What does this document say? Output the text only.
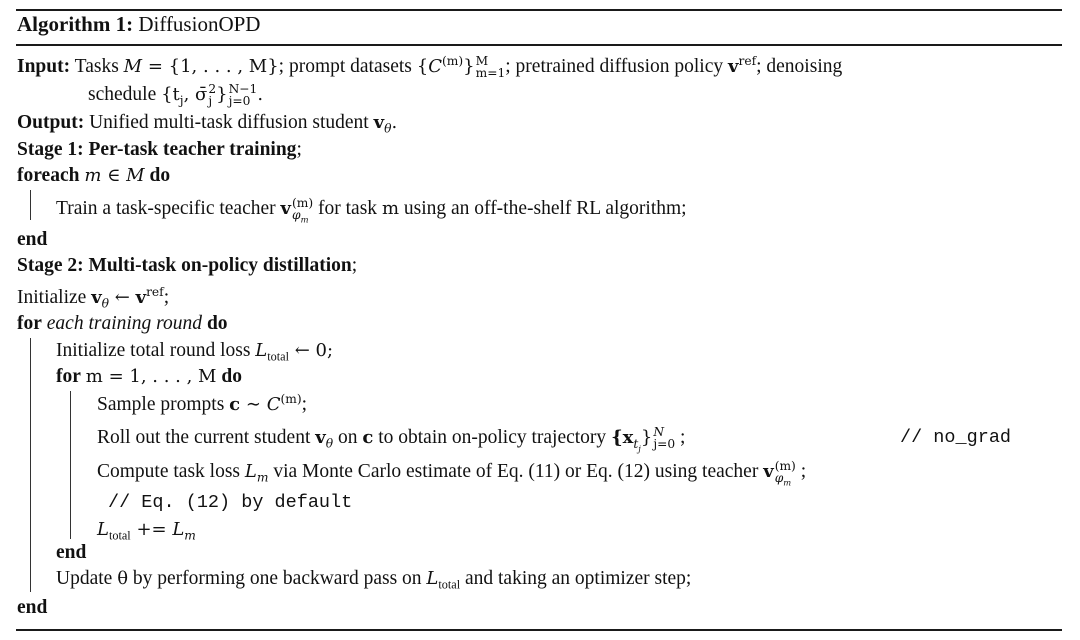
Algorithm 1: DiffusionOPD
Input: Tasks M = {1, . . . , M}; prompt datasets $\{C^{(m)}\}$ M
m=1 ; pretrained diffusion policy $v^{ref}$; denoising
schedule {$t_j$, σ̄ 2
j } N−1
j=0 .
Output: Unified multi-task diffusion student $v_\theta$.
Stage 1: Per-task teacher training;
foreach m ∈ M do
Train a task-specific teacher v (m)
$\varphi_m$
for task m using an off-the-shelf RL algorithm;
end
Stage 2: Multi-task on-policy distillation;
Initialize $v_\theta$ ← $v^{ref}$;
for each training round do
Initialize total round loss $L_{total}$ ← 0;
for m = 1, . . . , M do
Sample prompts c ∼ $C^{(m)}$;
Roll out the current student $v_\theta$ on c to obtain on-policy trajectory $\{x_{t_j}\}$ N
j=0 ;	// no_grad
Compute task loss $L_m$ via Monte Carlo estimate of Eq. (11) or Eq. (12) using teacher v (m)
$\varphi_m$
;
// Eq. (12) by default
$L_{total} += L_m$
end
Update θ by performing one backward pass on $L_{total}$ and taking an optimizer step;
end
